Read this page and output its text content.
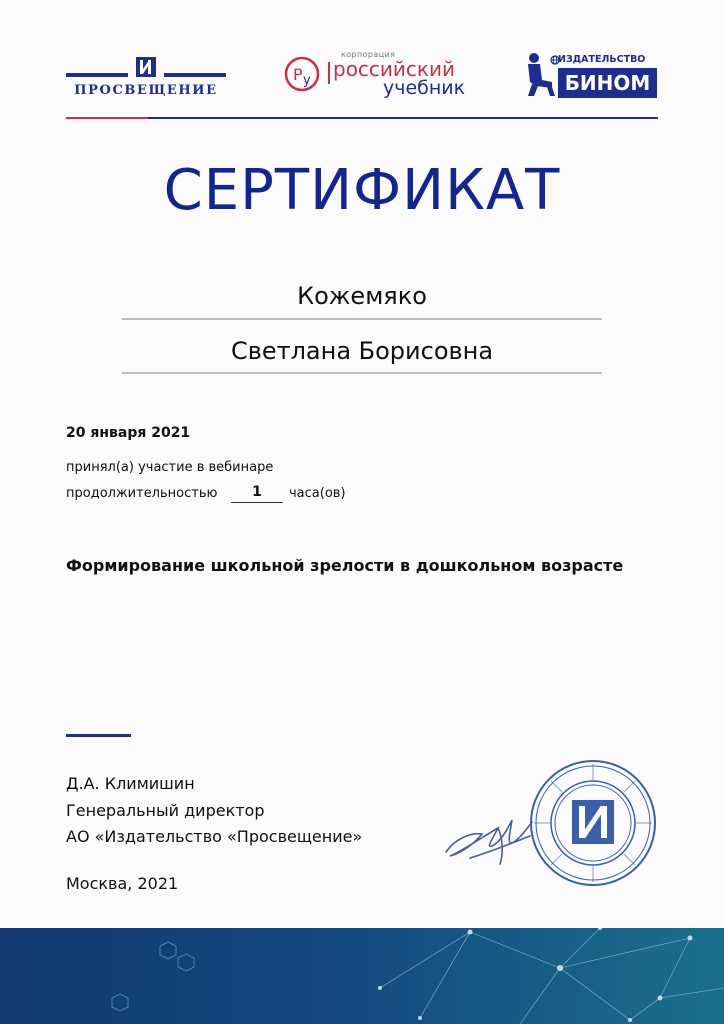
ПРОСВЕЩЕНИЕ
Р у
корпорация
российский
учебник
ИЗДАТЕЛЬСТВО
БИНОМ
СЕРТИФИКАТ
Кожемяко
Светлана Борисовна
20 января 2021
принял(а) участие в вебинаре
продолжительностью	1	часа(ов)
Формирование школьной зрелости в дошкольном возрасте
Д.А. Климишин
Генеральный директор
АО «Издательство «Просвещение»
Москва, 2021
